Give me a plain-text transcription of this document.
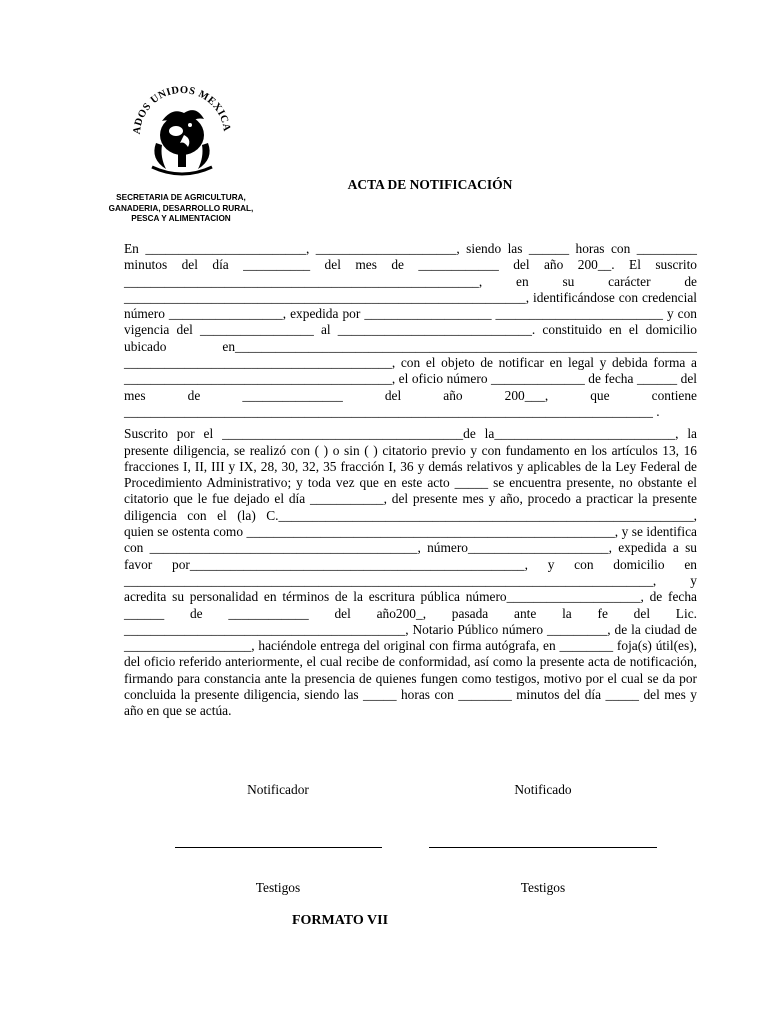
ADOS UNIDOS MEXICA
SECRETARIA DE AGRICULTURA,
GANADERIA, DESARROLLO RURAL,
PESCA Y ALIMENTACION
ACTA DE NOTIFICACIÓN

En ________________________, _____________________, siendo las ______ horas con _________ minutos del día __________ del mes de ____________ del año 200__. El suscrito _____________________________________________________, en su carácter de ____________________________________________________________, identificándose con credencial número _________________, expedida por ___________________ _________________________ y con vigencia del _________________ al _____________________________. constituido en el domicilio ubicado en_____________________________________________________________________ ________________________________________, con el objeto de notificar en legal y debida forma a ________________________________________, el oficio número ______________ de fecha ______ del mes de _______________ del año 200___, que contiene _______________________________________________________________________________ .

Suscrito por el ____________________________________de la___________________________, la presente diligencia, se realizó con ( ) o sin ( ) citatorio previo y con fundamento en los artículos 13, 16 fracciones I, II, III y IX, 28, 30, 32, 35 fracción I, 36 y demás relativos y aplicables de la Ley Federal de Procedimiento Administrativo; y toda vez que en este acto _____ se encuentra presente, no obstante el citatorio que le fue dejado el día ___________, del presente mes y año, procedo a practicar la presente diligencia con el (la) C.______________________________________________________________, quien se ostenta como _______________________________________________________, y se identifica con ________________________________________, número_____________________, expedida a su favor por__________________________________________________, y con domicilio en _______________________________________________________________________________, y acredita su personalidad en términos de la escritura pública número____________________, de fecha ______ de ____________ del año200_, pasada ante la fe del Lic. __________________________________________, Notario Público número _________, de la ciudad de ___________________, haciéndole entrega del original con firma autógrafa, en ________ foja(s) útil(es), del oficio referido anteriormente, el cual recibe de conformidad, así como la presente acta de notificación, firmando para constancia ante la presencia de quienes fungen como testigos, motivo por el cual se da por concluida la presente diligencia, siendo las _____ horas con ________ minutos del día _____ del mes y año en que se actúa.

Notificador	Notificado
Testigos	Testigos
FORMATO VII
